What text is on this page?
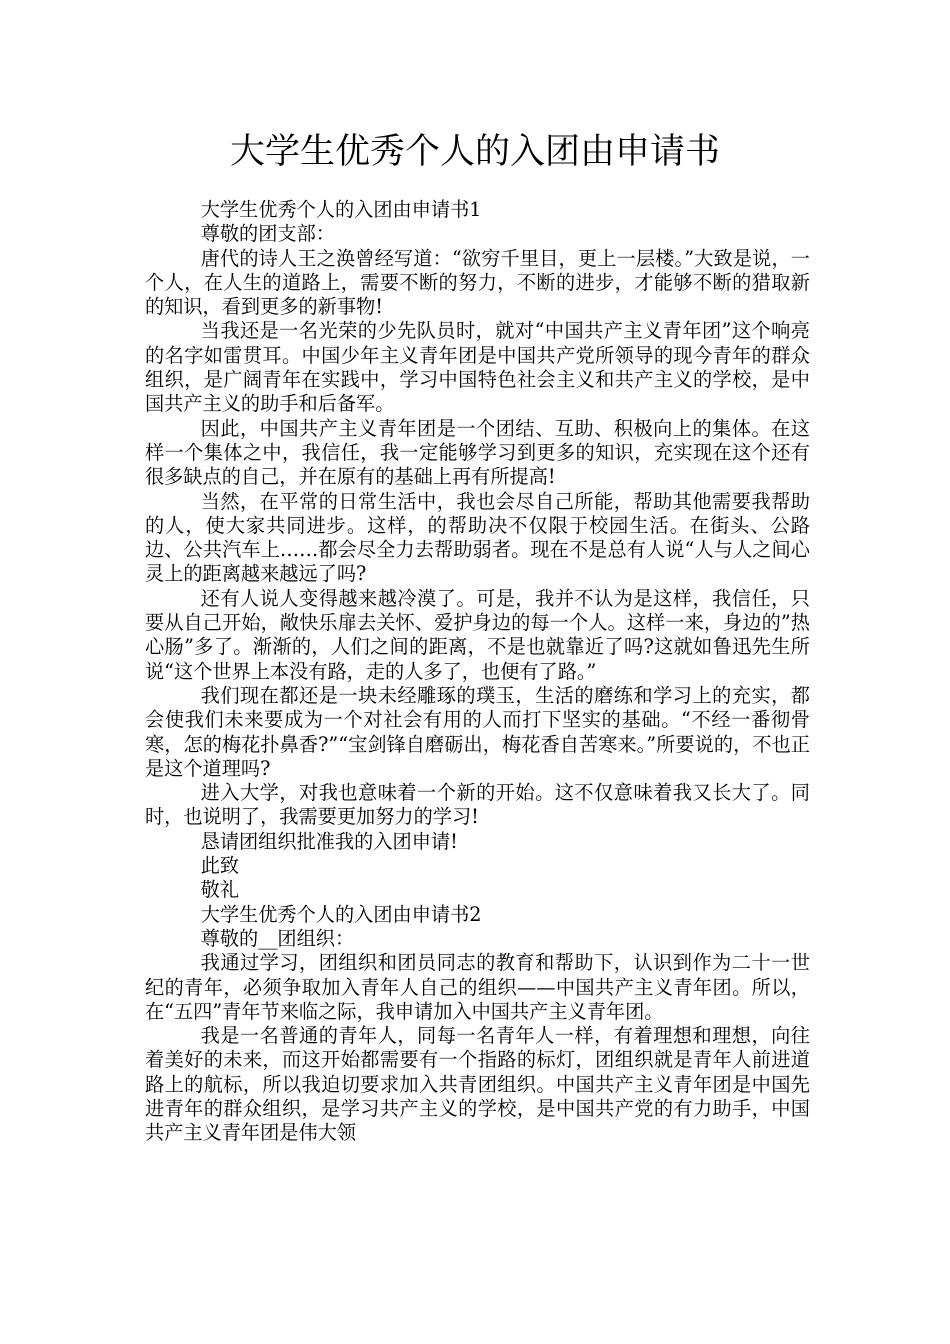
大学生优秀个人的入团由申请书

大学生优秀个人的入团由申请书1

尊敬的团支部：

唐代的诗人王之涣曾经写道：“欲穷千里目，更上一层楼。”大致是说，一个人，在人生的道路上，需要不断的努力，不断的进步，才能够不断的猎取新的知识，看到更多的新事物!

当我还是一名光荣的少先队员时，就对“中国共产主义青年团”这个响亮的名字如雷贯耳。中国少年主义青年团是中国共产党所领导的现今青年的群众组织，是广阔青年在实践中，学习中国特色社会主义和共产主义的学校，是中国共产主义的助手和后备军。

因此，中国共产主义青年团是一个团结、互助、积极向上的集体。在这样一个集体之中，我信任，我一定能够学习到更多的知识，充实现在这个还有很多缺点的自己，并在原有的基础上再有所提高!

当然，在平常的日常生活中，我也会尽自己所能，帮助其他需要我帮助的人，使大家共同进步。这样，的帮助决不仅限于校园生活。在街头、公路边、公共汽车上……都会尽全力去帮助弱者。现在不是总有人说“人与人之间心灵上的距离越来越远了吗?

还有人说人变得越来越冷漠了。可是，我并不认为是这样，我信任，只要从自己开始，敞快乐扉去关怀、爱护身边的每一个人。这样一来，身边的”热心肠”多了。渐渐的，人们之间的距离，不是也就靠近了吗?这就如鲁迅先生所说“这个世界上本没有路，走的人多了，也便有了路。”

我们现在都还是一块未经雕琢的璞玉，生活的磨练和学习上的充实，都会使我们未来要成为一个对社会有用的人而打下坚实的基础。“不经一番彻骨寒，怎的梅花扑鼻香?”“宝剑锋自磨砺出，梅花香自苦寒来。”所要说的，不也正是这个道理吗?

进入大学，对我也意味着一个新的开始。这不仅意味着我又长大了。同时，也说明了，我需要更加努力的学习!

恳请团组织批准我的入团申请!

此致

敬礼

大学生优秀个人的入团由申请书2

尊敬的__团组织：

我通过学习，团组织和团员同志的教育和帮助下，认识到作为二十一世纪的青年，必须争取加入青年人自己的组织——中国共产主义青年团。所以，在“五四”青年节来临之际，我申请加入中国共产主义青年团。

我是一名普通的青年人，同每一名青年人一样，有着理想和理想，向往着美好的未来，而这开始都需要有一个指路的标灯，团组织就是青年人前进道路上的航标，所以我迫切要求加入共青团组织。中国共产主义青年团是中国先进青年的群众组织，是学习共产主义的学校，是中国共产党的有力助手，中国共产主义青年团是伟大领
